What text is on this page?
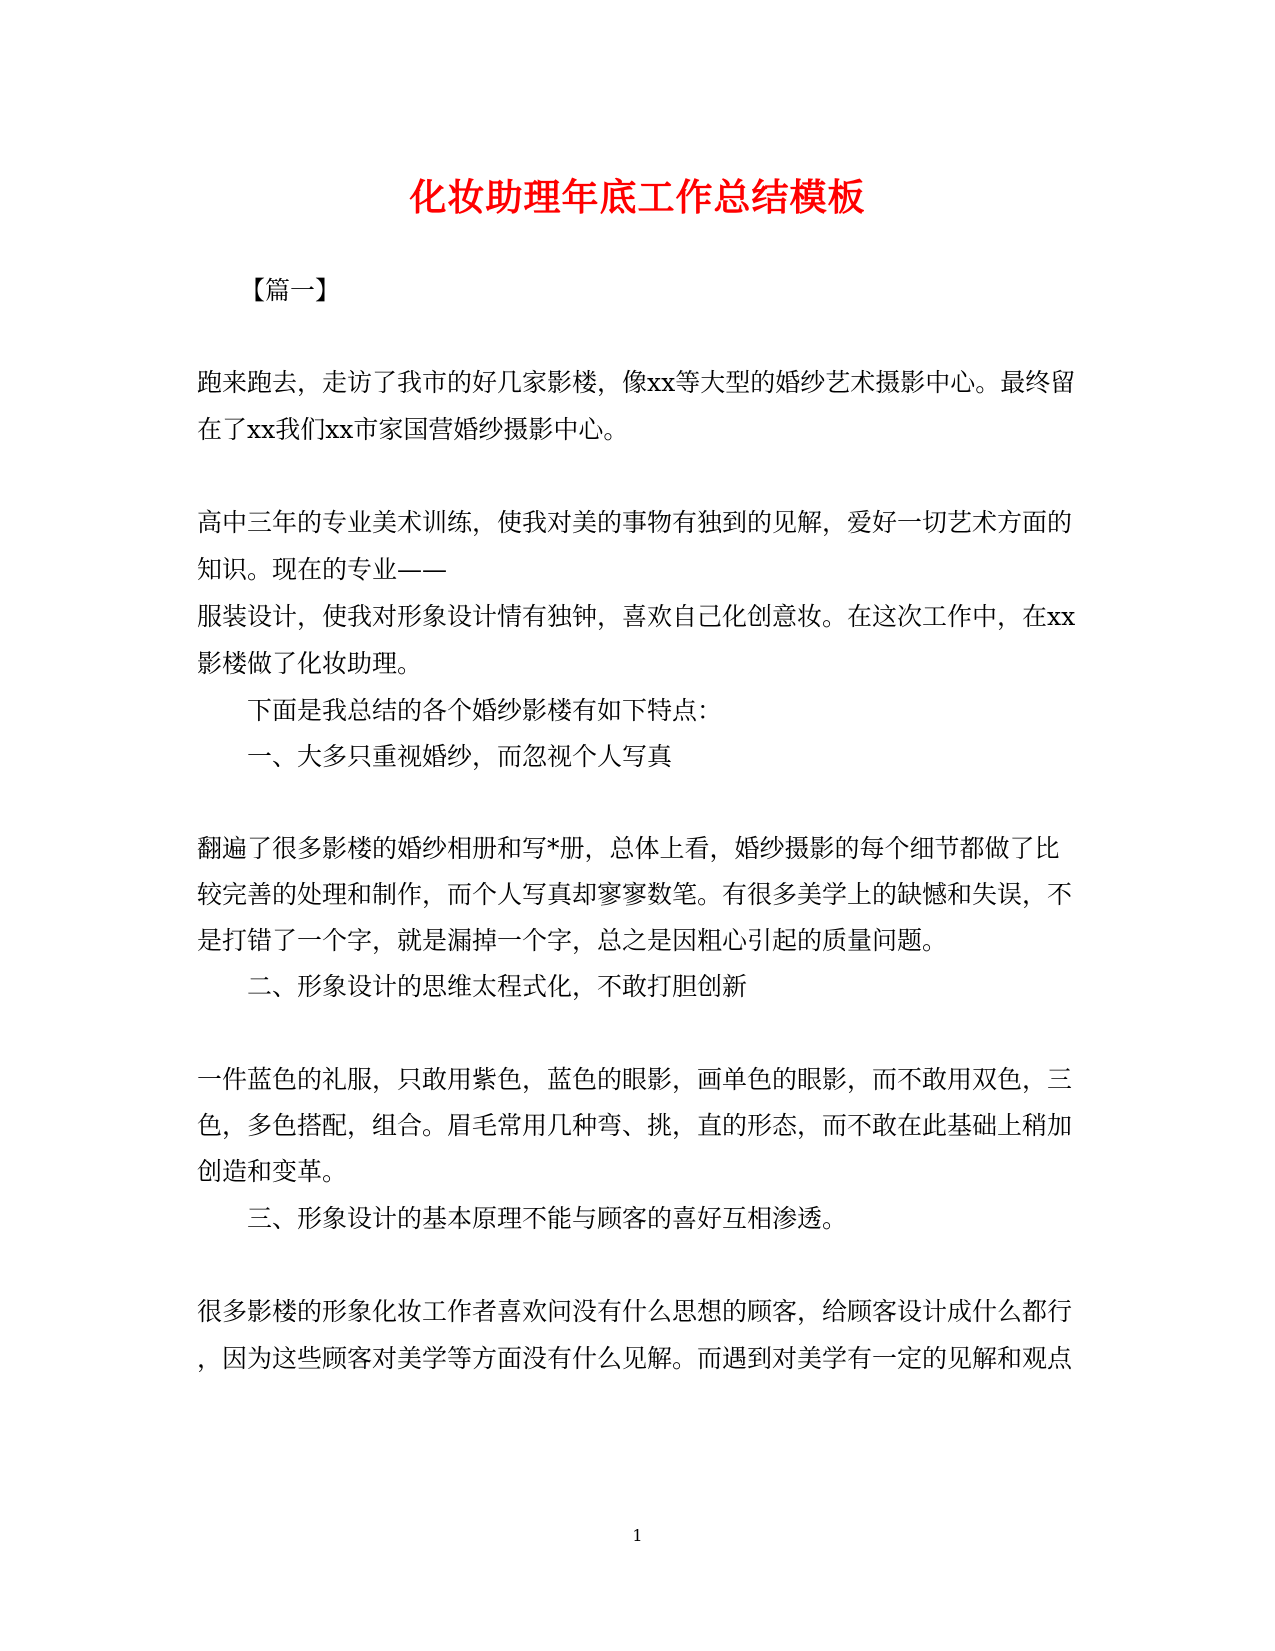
化妆助理年底工作总结模板
【篇一】
跑来跑去，走访了我市的好几家影楼，像xx等大型的婚纱艺术摄影中心。最终留
在了xx我们xx市家国营婚纱摄影中心。
高中三年的专业美术训练，使我对美的事物有独到的见解，爱好一切艺术方面的
知识。现在的专业——
服装设计，使我对形象设计情有独钟，喜欢自己化创意妆。在这次工作中，在xx
影楼做了化妆助理。
下面是我总结的各个婚纱影楼有如下特点：
一、大多只重视婚纱，而忽视个人写真
翻遍了很多影楼的婚纱相册和写*册，总体上看，婚纱摄影的每个细节都做了比
较完善的处理和制作，而个人写真却寥寥数笔。有很多美学上的缺憾和失误，不
是打错了一个字，就是漏掉一个字，总之是因粗心引起的质量问题。
二、形象设计的思维太程式化，不敢打胆创新
一件蓝色的礼服，只敢用紫色，蓝色的眼影，画单色的眼影，而不敢用双色，三
色，多色搭配，组合。眉毛常用几种弯、挑，直的形态，而不敢在此基础上稍加
创造和变革。
三、形象设计的基本原理不能与顾客的喜好互相渗透。
很多影楼的形象化妆工作者喜欢问没有什么思想的顾客，给顾客设计成什么都行
，因为这些顾客对美学等方面没有什么见解。而遇到对美学有一定的见解和观点
1
